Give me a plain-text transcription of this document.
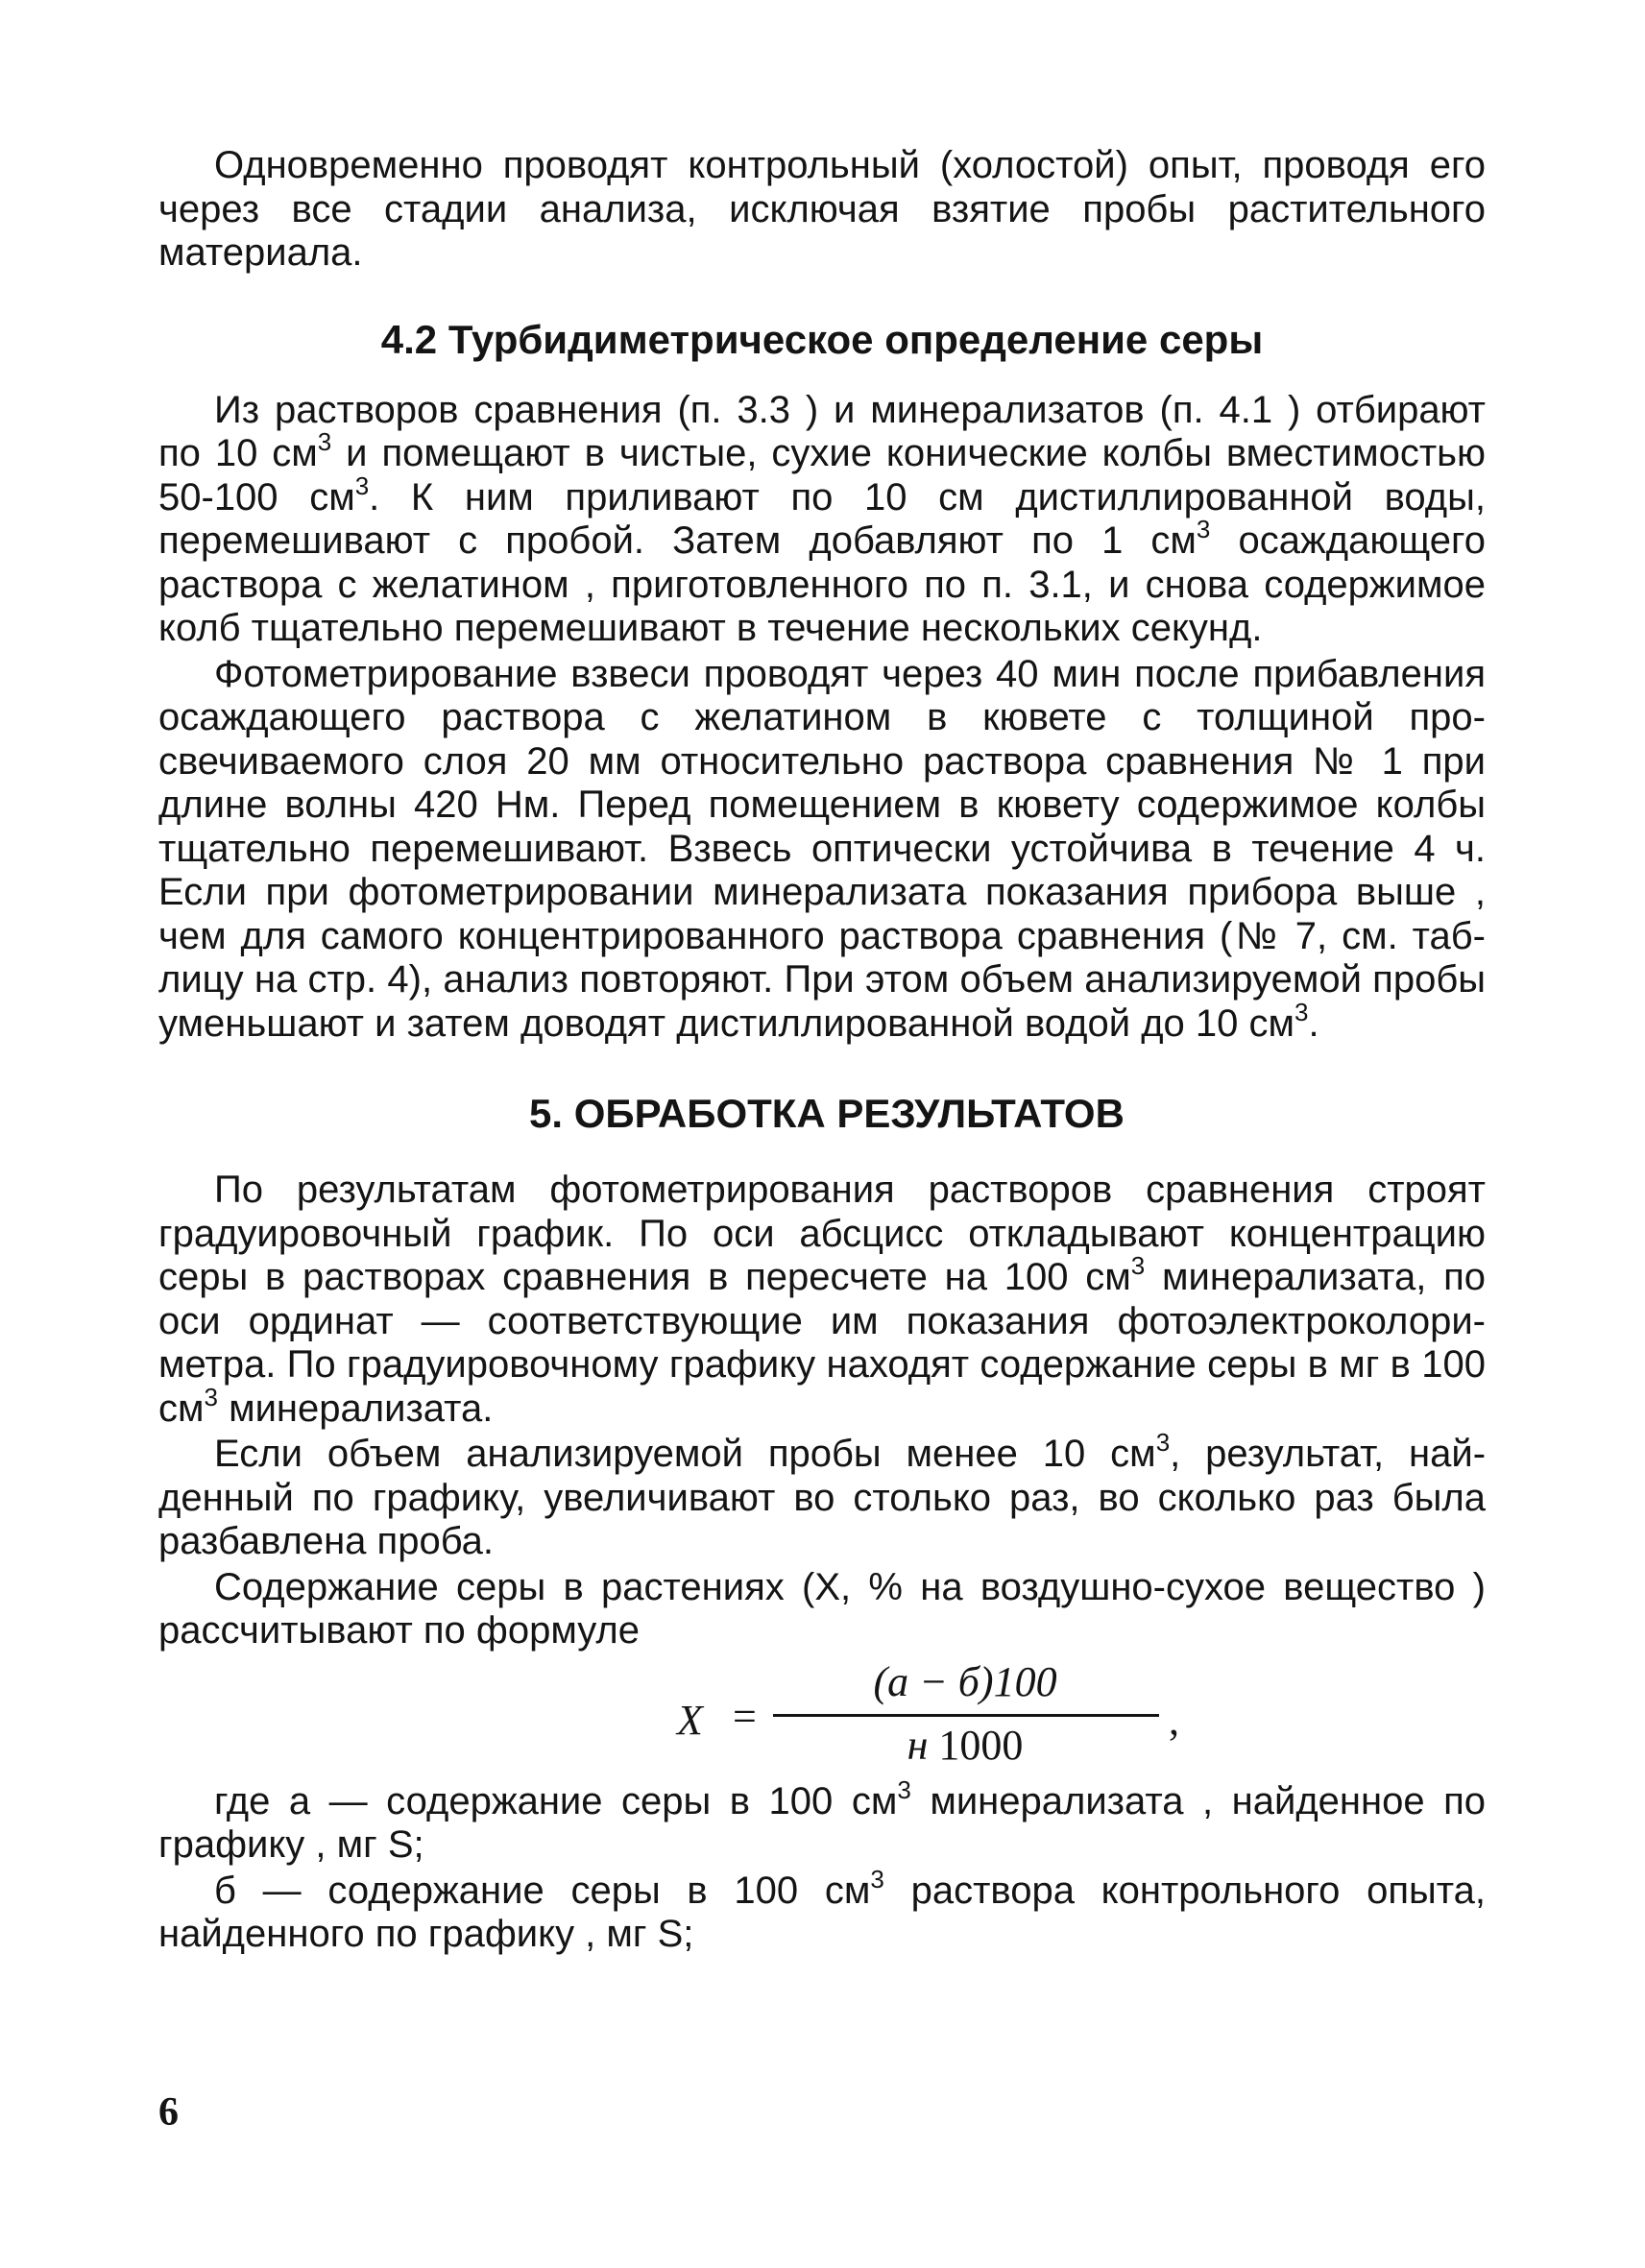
Одновременно проводят контрольный (холостой) опыт, проводя его через все стадии анализа, исключая взятие пробы растительного материала.

4.2 Турбидиметрическое определение серы

Из растворов сравнения (п. 3.3 ) и минерализатов (п. 4.1 ) отбирают по 10 $см^3$ и помещают в чистые, сухие конические колбы вместимостью 50-100 $см^3$. К ним приливают по 10 см дистиллированной воды, перемешивают с пробой. Затем добавляют по 1 $см^3$ осаждающего раствора с желатином , приготовленного по п. 3.1, и снова содержимое колб тщательно перемешивают в течение нескольких секунд.

Фотометрирование взвеси проводят через 40 мин после прибавления осаждающего раствора с желатином в кювете с толщиной просвечиваемого слоя 20 мм относительно раствора сравнения № 1 при длине волны 420 Нм. Перед помещением в кювету содержимое колбы тщательно перемешивают. Взвесь оптически устойчива в течение 4 ч. Если при фотометрировании минерализата показания прибора выше , чем для самого концентрированного раствора сравнения (№ 7, см. таблицу на стр. 4), анализ повторяют. При этом объем анализируемой пробы уменьшают и затем доводят дистиллированной водой до 10 $см^3$.

5. ОБРАБОТКА РЕЗУЛЬТАТОВ

По результатам фотометрирования растворов сравнения строят градуировочный график. По оси абсцисс откладывают концентрацию серы в растворах сравнения в пересчете на 100 $см^3$ минерализата, по оси ординат — соответствующие им показания фотоэлектроколориметра. По градуировочному графику находят содержание серы в мг в 100 $см^3$ минерализата.

Если объем анализируемой пробы менее 10 $см^3$, результат, найденный по графику, увеличивают во столько раз, во сколько раз была разбавлена проба.

Содержание серы в растениях (X, % на воздушно-сухое вещество ) рассчитывают по формуле

X =
(а − б)100
н 1000
,

где а — содержание серы в 100 $см^3$ минерализата , найденное по графику , мг S;

б — содержание серы в 100 $см^3$ раствора контрольного опыта, найденного по графику , мг S;

6
